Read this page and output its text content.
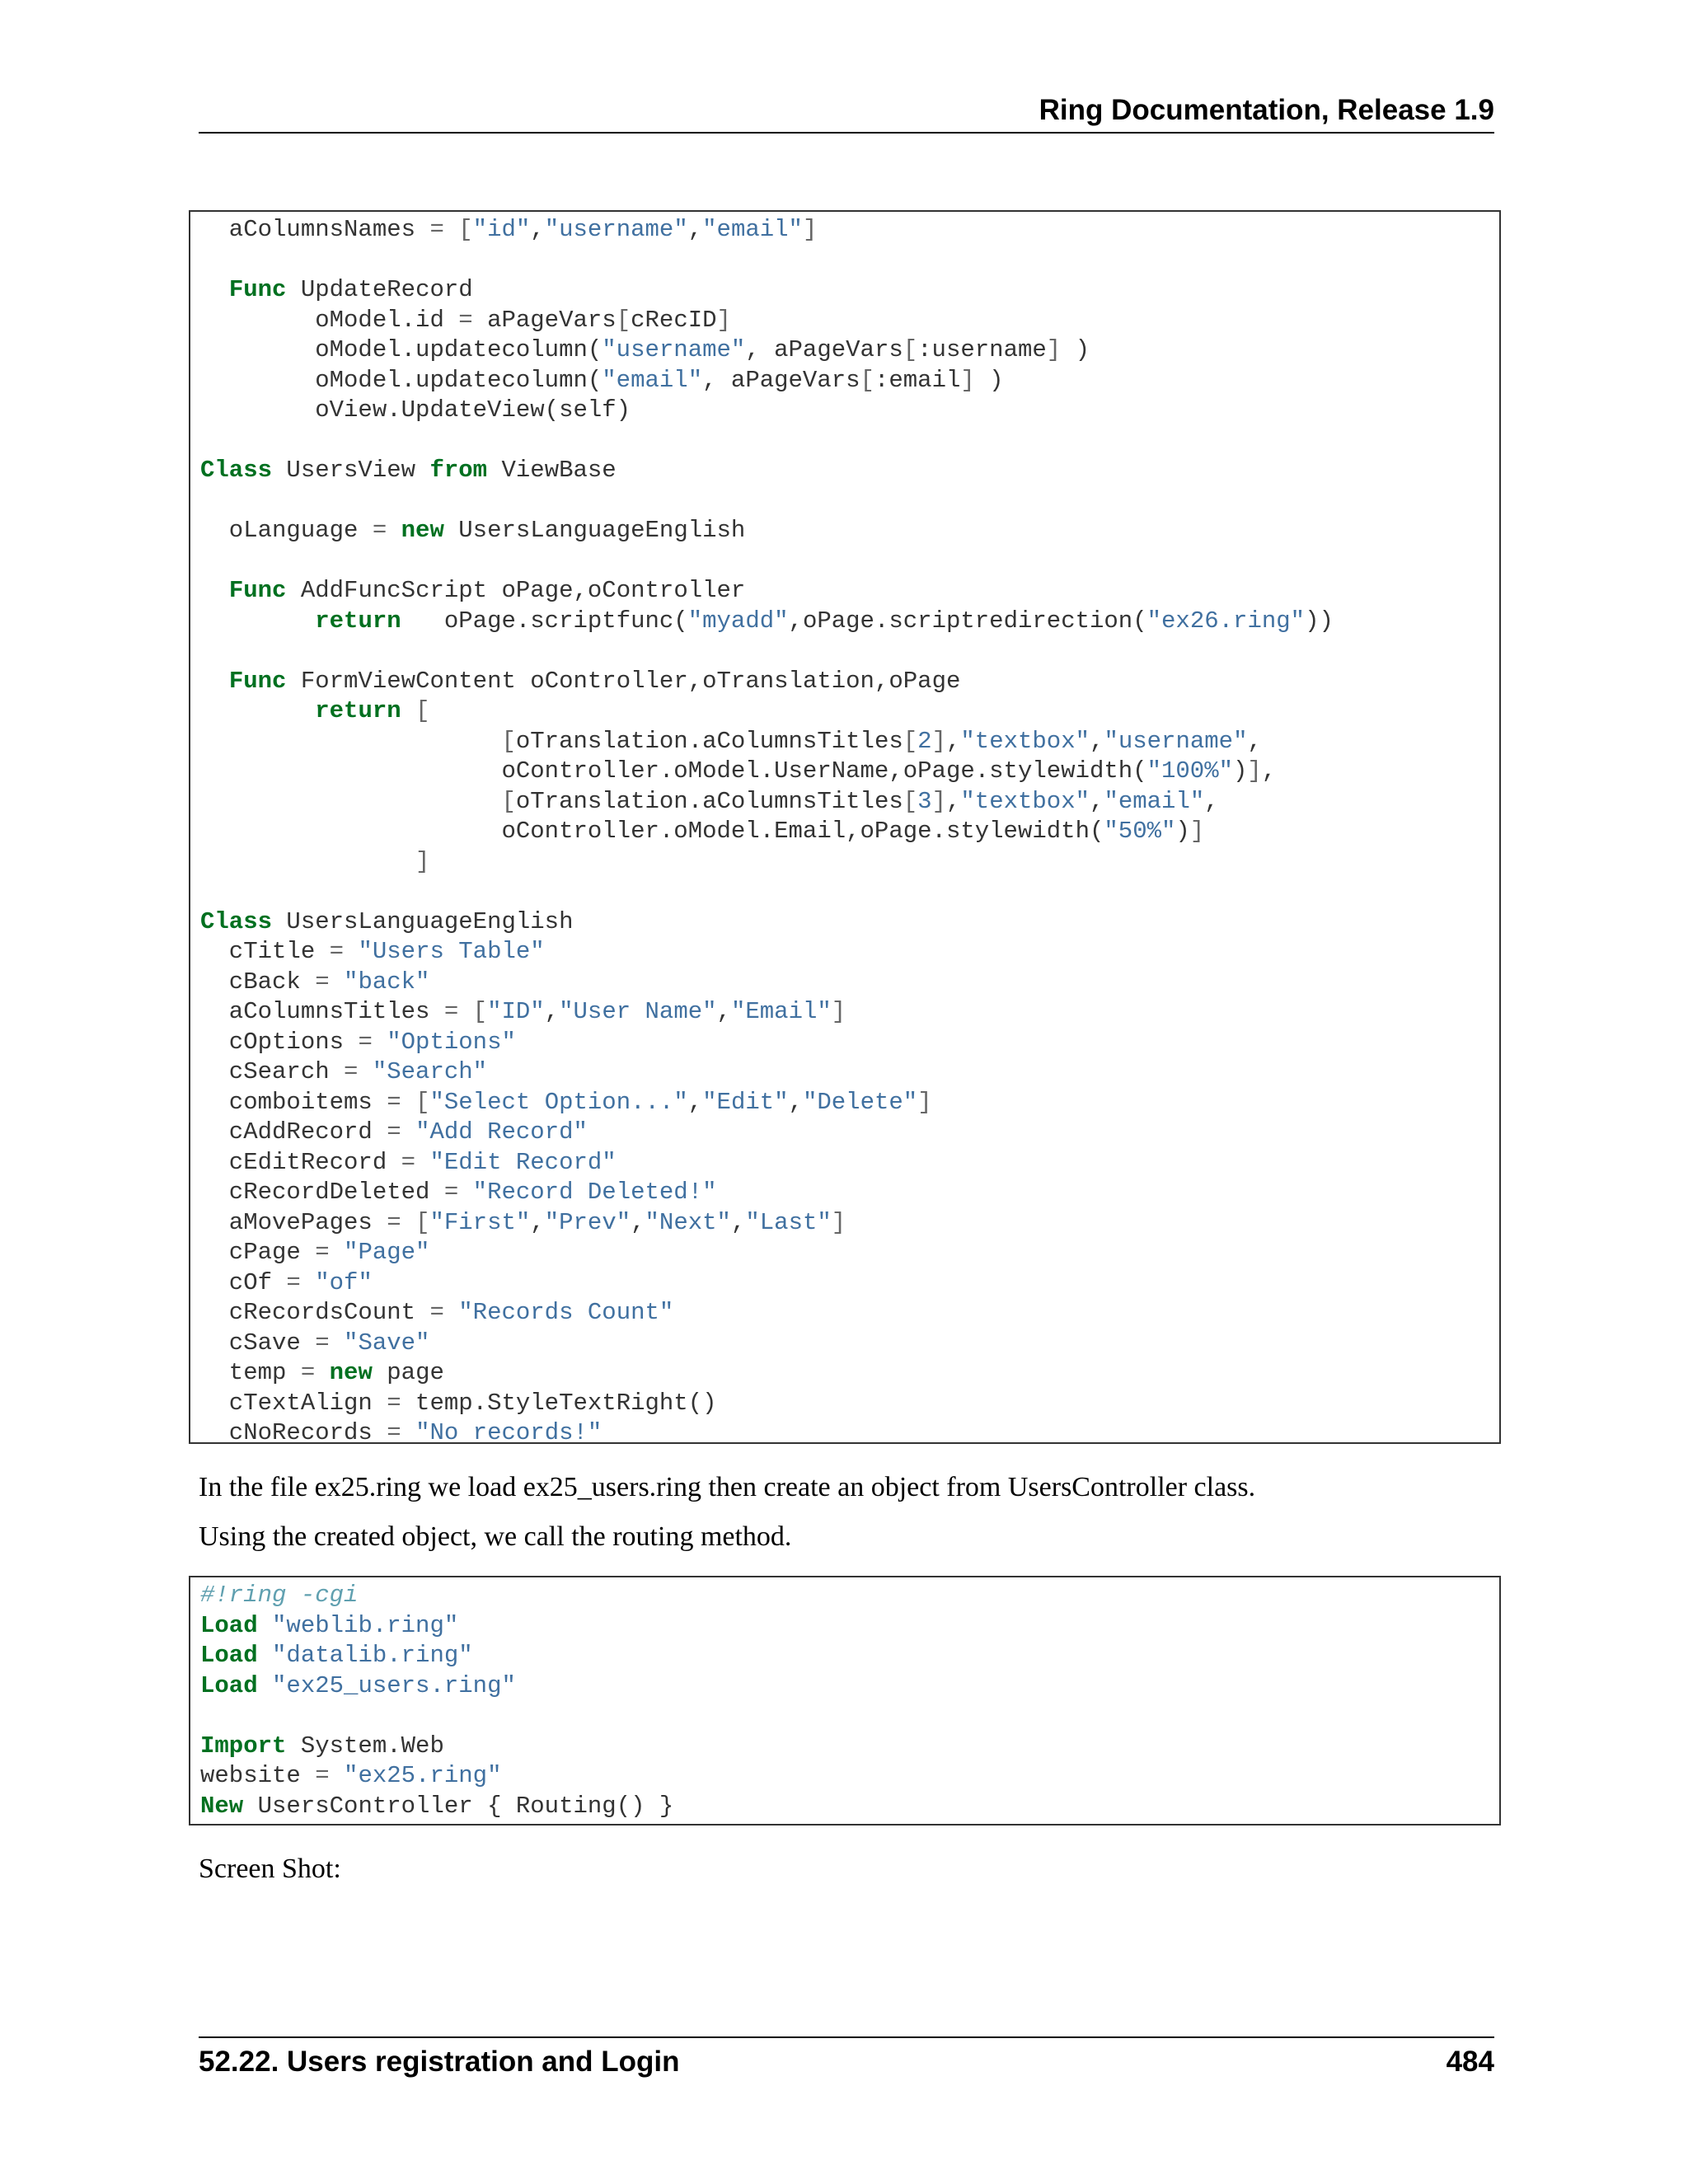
Ring Documentation, Release 1.9
aColumnsNames = ["id","username","email"]
Func UpdateRecord
oModel.id = aPageVars[cRecID]
oModel.updatecolumn("username", aPageVars[:username] )
oModel.updatecolumn("email", aPageVars[:email] )
oView.UpdateView(self)
Class UsersView from ViewBase
oLanguage = new UsersLanguageEnglish
Func AddFuncScript oPage,oController
return   oPage.scriptfunc("myadd",oPage.scriptredirection("ex26.ring"))
Func FormViewContent oController,oTranslation,oPage
return [
[oTranslation.aColumnsTitles[2],"textbox","username",
oController.oModel.UserName,oPage.stylewidth("100%")],
[oTranslation.aColumnsTitles[3],"textbox","email",
oController.oModel.Email,oPage.stylewidth("50%")]
]
Class UsersLanguageEnglish
cTitle = "Users Table"
cBack = "back"
aColumnsTitles = ["ID","User Name","Email"]
cOptions = "Options"
cSearch = "Search"
comboitems = ["Select Option...","Edit","Delete"]
cAddRecord = "Add Record"
cEditRecord = "Edit Record"
cRecordDeleted = "Record Deleted!"
aMovePages = ["First","Prev","Next","Last"]
cPage = "Page"
cOf = "of"
cRecordsCount = "Records Count"
cSave = "Save"
temp = new page
cTextAlign = temp.StyleTextRight()
cNoRecords = "No records!"
In the file ex25.ring we load ex25_users.ring then create an object from UsersController class.
Using the created object, we call the routing method.
#!ring -cgi
Load "weblib.ring"
Load "datalib.ring"
Load "ex25_users.ring"
Import System.Web
website = "ex25.ring"
New UsersController { Routing() }
Screen Shot:
52.22. Users registration and Login	484
